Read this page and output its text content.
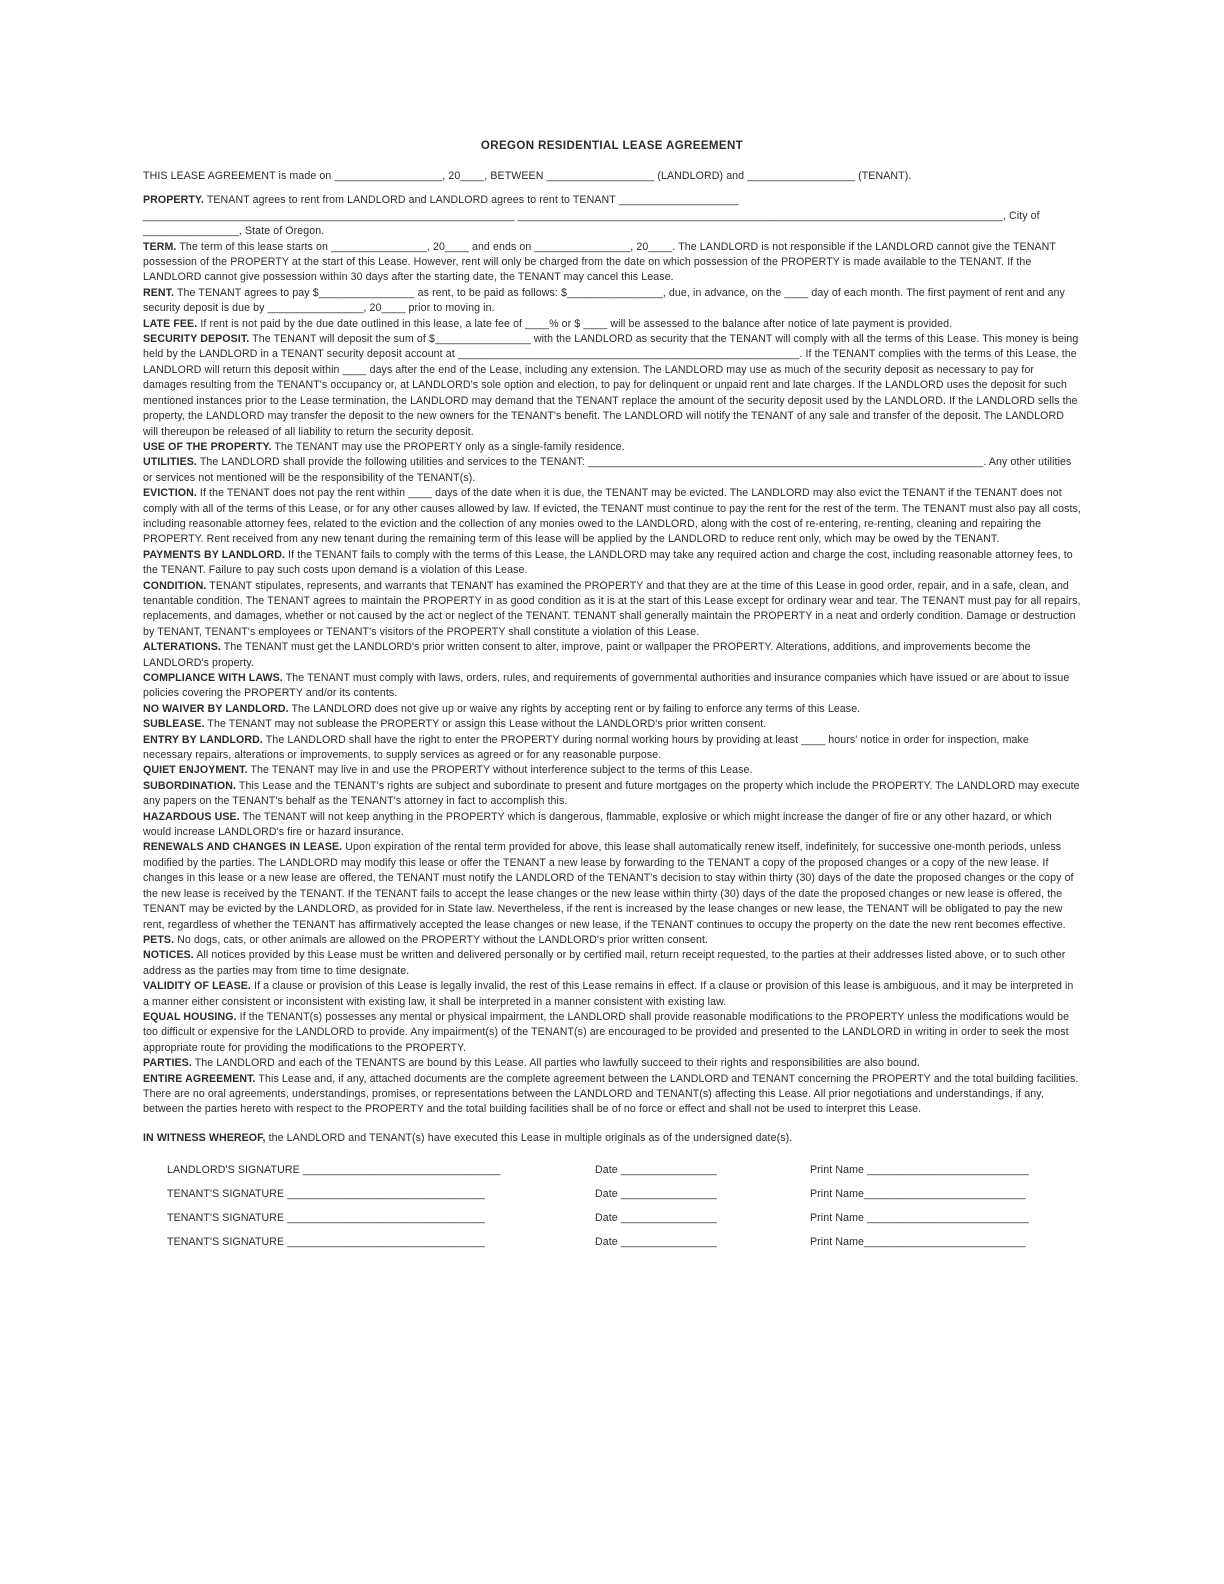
OREGON RESIDENTIAL LEASE AGREEMENT

THIS LEASE AGREEMENT is made on __________________, 20____, BETWEEN __________________ (LANDLORD) and __________________ (TENANT).

PROPERTY. TENANT agrees to rent from LANDLORD and LANDLORD agrees to rent to TENANT ____________________ ______________________________________________________________ _________________________________________________________________________________, City of ________________, State of Oregon.

TERM. The term of this lease starts on ________________, 20____ and ends on ________________, 20____. The LANDLORD is not responsible if the LANDLORD cannot give the TENANT possession of the PROPERTY at the start of this Lease. However, rent will only be charged from the date on which possession of the PROPERTY is made available to the TENANT. If the LANDLORD cannot give possession within 30 days after the starting date, the TENANT may cancel this Lease.

RENT. The TENANT agrees to pay $________________ as rent, to be paid as follows: $________________, due, in advance, on the ____ day of each month. The first payment of rent and any security deposit is due by ________________, 20____ prior to moving in.

LATE FEE. If rent is not paid by the due date outlined in this lease, a late fee of ____% or $ ____ will be assessed to the balance after notice of late payment is provided.

SECURITY DEPOSIT. The TENANT will deposit the sum of $________________ with the LANDLORD as security that the TENANT will comply with all the terms of this Lease. This money is being held by the LANDLORD in a TENANT security deposit account at _________________________________________________________. If the TENANT complies with the terms of this Lease, the LANDLORD will return this deposit within ____ days after the end of the Lease, including any extension. The LANDLORD may use as much of the security deposit as necessary to pay for damages resulting from the TENANT's occupancy or, at LANDLORD's sole option and election, to pay for delinquent or unpaid rent and late charges. If the LANDLORD uses the deposit for such mentioned instances prior to the Lease termination, the LANDLORD may demand that the TENANT replace the amount of the security deposit used by the LANDLORD. If the LANDLORD sells the property, the LANDLORD may transfer the deposit to the new owners for the TENANT's benefit. The LANDLORD will notify the TENANT of any sale and transfer of the deposit. The LANDLORD will thereupon be released of all liability to return the security deposit.

USE OF THE PROPERTY. The TENANT may use the PROPERTY only as a single-family residence.

UTILITIES. The LANDLORD shall provide the following utilities and services to the TENANT: __________________________________________________________________. Any other utilities or services not mentioned will be the responsibility of the TENANT(s).

EVICTION. If the TENANT does not pay the rent within ____ days of the date when it is due, the TENANT may be evicted. The LANDLORD may also evict the TENANT if the TENANT does not comply with all of the terms of this Lease, or for any other causes allowed by law. If evicted, the TENANT must continue to pay the rent for the rest of the term. The TENANT must also pay all costs, including reasonable attorney fees, related to the eviction and the collection of any monies owed to the LANDLORD, along with the cost of re-entering, re-renting, cleaning and repairing the PROPERTY. Rent received from any new tenant during the remaining term of this lease will be applied by the LANDLORD to reduce rent only, which may be owed by the TENANT.

PAYMENTS BY LANDLORD. If the TENANT fails to comply with the terms of this Lease, the LANDLORD may take any required action and charge the cost, including reasonable attorney fees, to the TENANT. Failure to pay such costs upon demand is a violation of this Lease.

CONDITION. TENANT stipulates, represents, and warrants that TENANT has examined the PROPERTY and that they are at the time of this Lease in good order, repair, and in a safe, clean, and tenantable condition. The TENANT agrees to maintain the PROPERTY in as good condition as it is at the start of this Lease except for ordinary wear and tear. The TENANT must pay for all repairs, replacements, and damages, whether or not caused by the act or neglect of the TENANT. TENANT shall generally maintain the PROPERTY in a neat and orderly condition. Damage or destruction by TENANT, TENANT's employees or TENANT's visitors of the PROPERTY shall constitute a violation of this Lease.

ALTERATIONS. The TENANT must get the LANDLORD's prior written consent to alter, improve, paint or wallpaper the PROPERTY. Alterations, additions, and improvements become the LANDLORD's property.

COMPLIANCE WITH LAWS. The TENANT must comply with laws, orders, rules, and requirements of governmental authorities and insurance companies which have issued or are about to issue policies covering the PROPERTY and/or its contents.

NO WAIVER BY LANDLORD. The LANDLORD does not give up or waive any rights by accepting rent or by failing to enforce any terms of this Lease.

SUBLEASE. The TENANT may not sublease the PROPERTY or assign this Lease without the LANDLORD's prior written consent.

ENTRY BY LANDLORD. The LANDLORD shall have the right to enter the PROPERTY during normal working hours by providing at least ____ hours' notice in order for inspection, make necessary repairs, alterations or improvements, to supply services as agreed or for any reasonable purpose.

QUIET ENJOYMENT. The TENANT may live in and use the PROPERTY without interference subject to the terms of this Lease.

SUBORDINATION. This Lease and the TENANT's rights are subject and subordinate to present and future mortgages on the property which include the PROPERTY. The LANDLORD may execute any papers on the TENANT's behalf as the TENANT's attorney in fact to accomplish this.

HAZARDOUS USE. The TENANT will not keep anything in the PROPERTY which is dangerous, flammable, explosive or which might increase the danger of fire or any other hazard, or which would increase LANDLORD's fire or hazard insurance.

RENEWALS AND CHANGES IN LEASE. Upon expiration of the rental term provided for above, this lease shall automatically renew itself, indefinitely, for successive one-month periods, unless modified by the parties. The LANDLORD may modify this lease or offer the TENANT a new lease by forwarding to the TENANT a copy of the proposed changes or a copy of the new lease. If changes in this lease or a new lease are offered, the TENANT must notify the LANDLORD of the TENANT's decision to stay within thirty (30) days of the date the proposed changes or the copy of the new lease is received by the TENANT. If the TENANT fails to accept the lease changes or the new lease within thirty (30) days of the date the proposed changes or new lease is offered, the TENANT may be evicted by the LANDLORD, as provided for in State law. Nevertheless, if the rent is increased by the lease changes or new lease, the TENANT will be obligated to pay the new rent, regardless of whether the TENANT has affirmatively accepted the lease changes or new lease, if the TENANT continues to occupy the property on the date the new rent becomes effective.

PETS. No dogs, cats, or other animals are allowed on the PROPERTY without the LANDLORD's prior written consent.

NOTICES. All notices provided by this Lease must be written and delivered personally or by certified mail, return receipt requested, to the parties at their addresses listed above, or to such other address as the parties may from time to time designate.

VALIDITY OF LEASE. If a clause or provision of this Lease is legally invalid, the rest of this Lease remains in effect. If a clause or provision of this lease is ambiguous, and it may be interpreted in a manner either consistent or inconsistent with existing law, it shall be interpreted in a manner consistent with existing law.

EQUAL HOUSING. If the TENANT(s) possesses any mental or physical impairment, the LANDLORD shall provide reasonable modifications to the PROPERTY unless the modifications would be too difficult or expensive for the LANDLORD to provide. Any impairment(s) of the TENANT(s) are encouraged to be provided and presented to the LANDLORD in writing in order to seek the most appropriate route for providing the modifications to the PROPERTY.

PARTIES. The LANDLORD and each of the TENANTS are bound by this Lease. All parties who lawfully succeed to their rights and responsibilities are also bound.

ENTIRE AGREEMENT. This Lease and, if any, attached documents are the complete agreement between the LANDLORD and TENANT concerning the PROPERTY and the total building facilities. There are no oral agreements, understandings, promises, or representations between the LANDLORD and TENANT(s) affecting this Lease. All prior negotiations and understandings, if any, between the parties hereto with respect to the PROPERTY and the total building facilities shall be of no force or effect and shall not be used to interpret this Lease.

IN WITNESS WHEREOF, the LANDLORD and TENANT(s) have executed this Lease in multiple originals as of the undersigned date(s).

LANDLORD'S SIGNATURE _________________________________	Date ________________	Print Name ___________________________
TENANT'S SIGNATURE _________________________________	Date ________________	Print Name___________________________
TENANT'S SIGNATURE _________________________________	Date ________________	Print Name ___________________________
TENANT'S SIGNATURE _________________________________	Date ________________	Print Name___________________________
